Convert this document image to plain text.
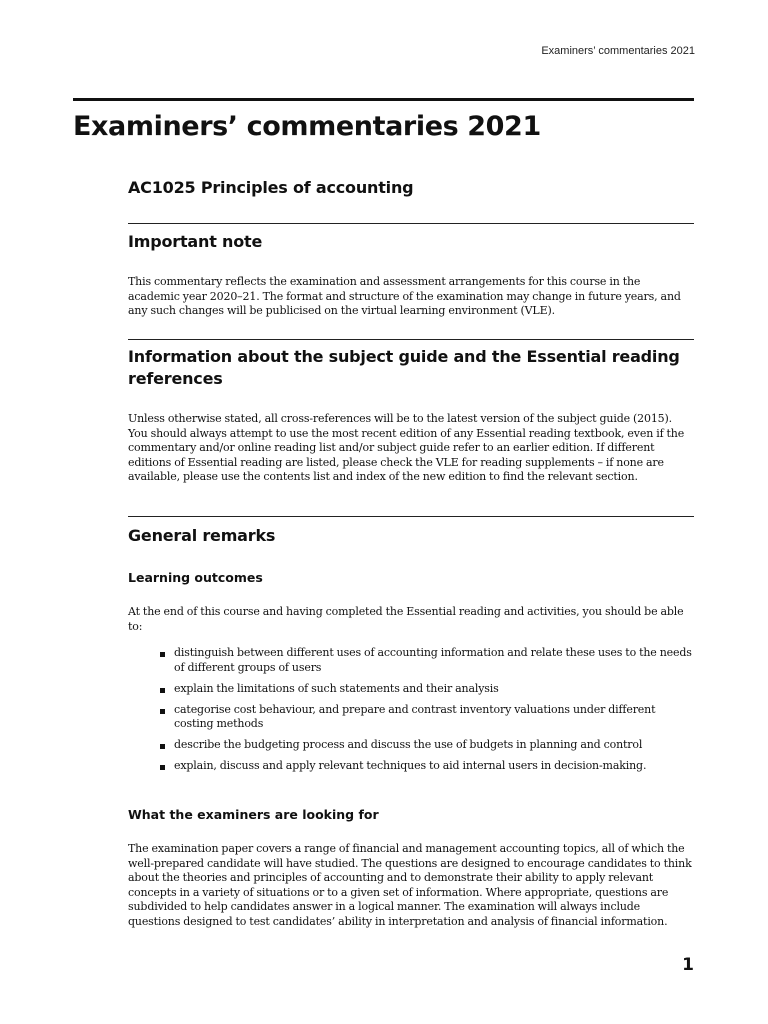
Examiners’ commentaries 2021
Examiners’ commentaries 2021
AC1025 Principles of accounting
Important note

This commentary reflects the examination and assessment arrangements for this course in the academic year 2020–21. The format and structure of the examination may change in future years, and any such changes will be publicised on the virtual learning environment (VLE).

Information about the subject guide and the Essential reading references

Unless otherwise stated, all cross-references will be to the latest version of the subject guide (2015). You should always attempt to use the most recent edition of any Essential reading textbook, even if the commentary and/or online reading list and/or subject guide refer to an earlier edition. If different editions of Essential reading are listed, please check the VLE for reading supplements – if none are available, please use the contents list and index of the new edition to find the relevant section.

General remarks
Learning outcomes

At the end of this course and having completed the Essential reading and activities, you should be able to:

distinguish between different uses of accounting information and relate these uses to the needs of different groups of users
explain the limitations of such statements and their analysis
categorise cost behaviour, and prepare and contrast inventory valuations under different costing methods
describe the budgeting process and discuss the use of budgets in planning and control
explain, discuss and apply relevant techniques to aid internal users in decision-making.
What the examiners are looking for

The examination paper covers a range of financial and management accounting topics, all of which the well-prepared candidate will have studied. The questions are designed to encourage candidates to think about the theories and principles of accounting and to demonstrate their ability to apply relevant concepts in a variety of situations or to a given set of information. Where appropriate, questions are subdivided to help candidates answer in a logical manner. The examination will always include questions designed to test candidates’ ability in interpretation and analysis of financial information.

1
